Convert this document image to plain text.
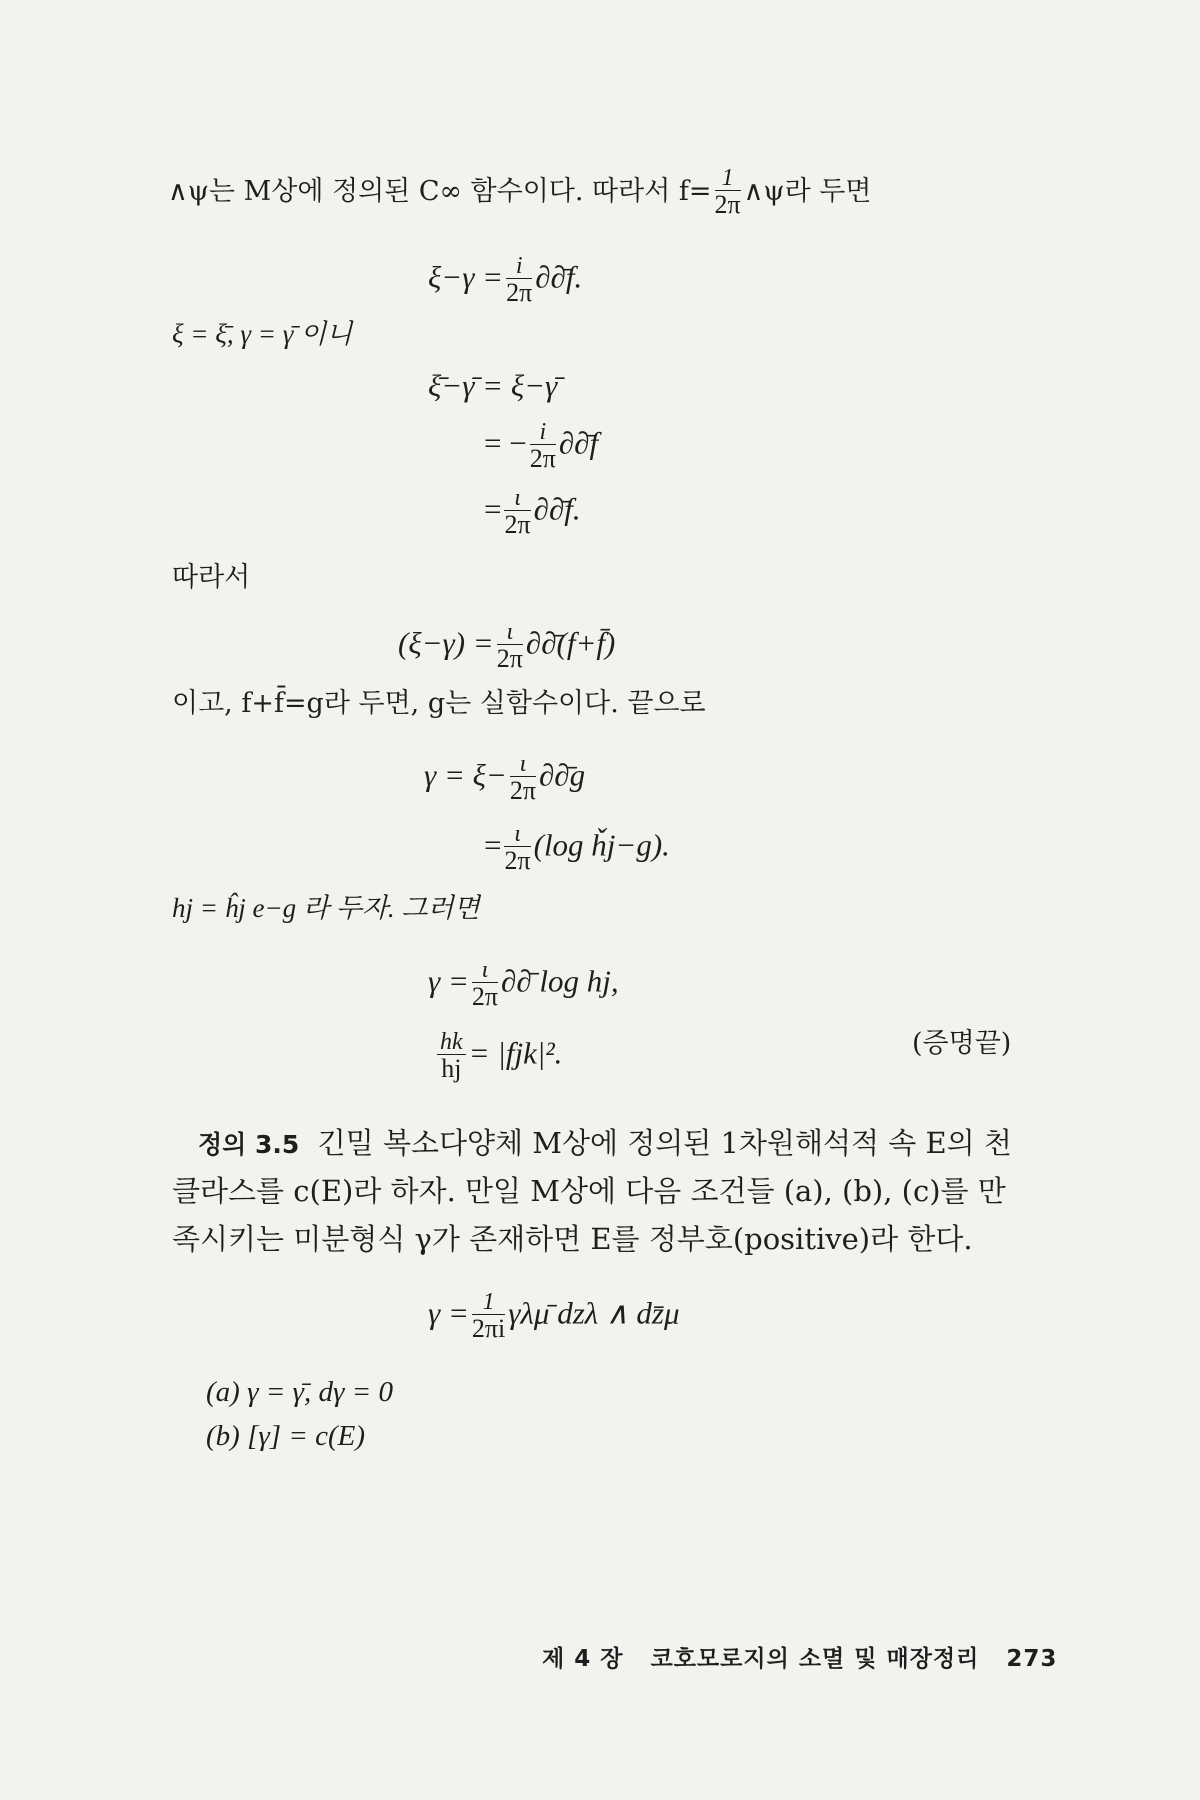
∧ψ는 M상에 정의된 C∞ 함수이다. 따라서 $f= \frac{1}{2\pi}$ ∧ψ라 두면
$\xi-\gamma = \frac{i}{2\pi}$ ∂∂̄f.
ξ = ξ̄, γ = γ̄ 이니
ξ̄−γ̄ = ξ−γ̄
= − $\frac{i}{2\pi}$ ∂∂̄f
= $\frac{\iota}{2\pi}$ ∂∂̄f.
따라서
$(\xi-\gamma) = \frac{\iota}{2\pi}$ ∂∂̄(f+f̄)
이고, f+f̄=g라 두면, g는 실함수이다. 끝으로
$\gamma = \xi- \frac{\iota}{2\pi}$ ∂∂̄g
= $\frac{\iota}{2\pi} (\log$ ȟj−g).
hj = ĥj e−g 라 두자. 그러면
$\gamma = \frac{\iota}{2\pi}$ ∂∂̄ log hj,
$\frac{hk}{hj} = |fjk|^2$.	(증명끝)
정의 3.5 긴밀 복소다양체 M상에 정의된 1차원해석적 속 E의 천
클라스를 c(E)라 하자. 만일 M상에 다음 조건들 (a), (b), (c)를 만
족시키는 미분형식 γ가 존재하면 E를 정부호(positive)라 한다.
$\gamma = \frac{1}{2\pi i}$ γλμ̄ dzλ ∧ dz̄μ
(a) γ = γ̄, dγ = 0
(b) [γ] = c(E)
제 4 장 코호모로지의 소멸 및 매장정리 273
